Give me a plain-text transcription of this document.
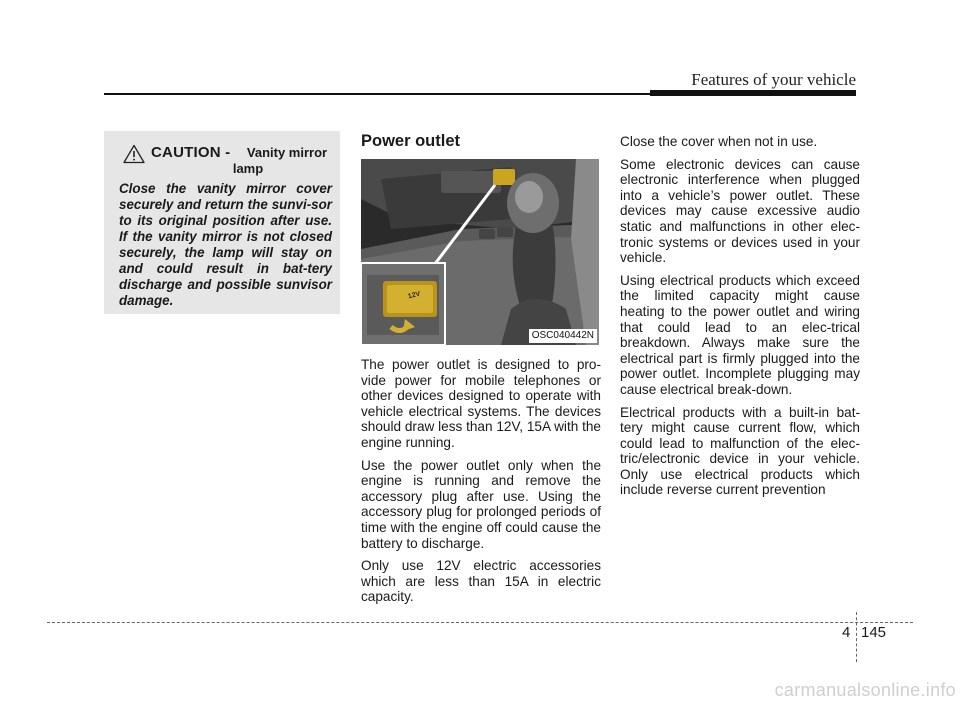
Features of your vehicle
CAUTION -	Vanity mirror lamp
Close the vanity mirror cover securely and return the sunvi-sor to its original position after use. If the vanity mirror is not closed securely, the lamp will stay on and could result in bat-tery discharge and possible sunvisor damage.
Power outlet
12V
OSC040442N

The power outlet is designed to pro-vide power for mobile telephones or other devices designed to operate with vehicle electrical systems. The devices should draw less than 12V, 15A with the engine running.

Use the power outlet only when the engine is running and remove the accessory plug after use. Using the accessory plug for prolonged periods of time with the engine off could cause the battery to discharge.

Only use 12V electric accessories which are less than 15A in electric capacity.

Close the cover when not in use.

Some electronic devices can cause electronic interference when plugged into a vehicle’s power outlet. These devices may cause excessive audio static and malfunctions in other elec-tronic systems or devices used in your vehicle.

Using electrical products which exceed the limited capacity might cause heating to the power outlet and wiring that could lead to an elec-trical breakdown. Always make sure the electrical part is firmly plugged into the power outlet. Incomplete plugging may cause electrical break-down.

Electrical products with a built-in bat-tery might cause current flow, which could lead to malfunction of the elec-tric/electronic device in your vehicle. Only use electrical products which include reverse current prevention

4 145
carmanualsonline.info
